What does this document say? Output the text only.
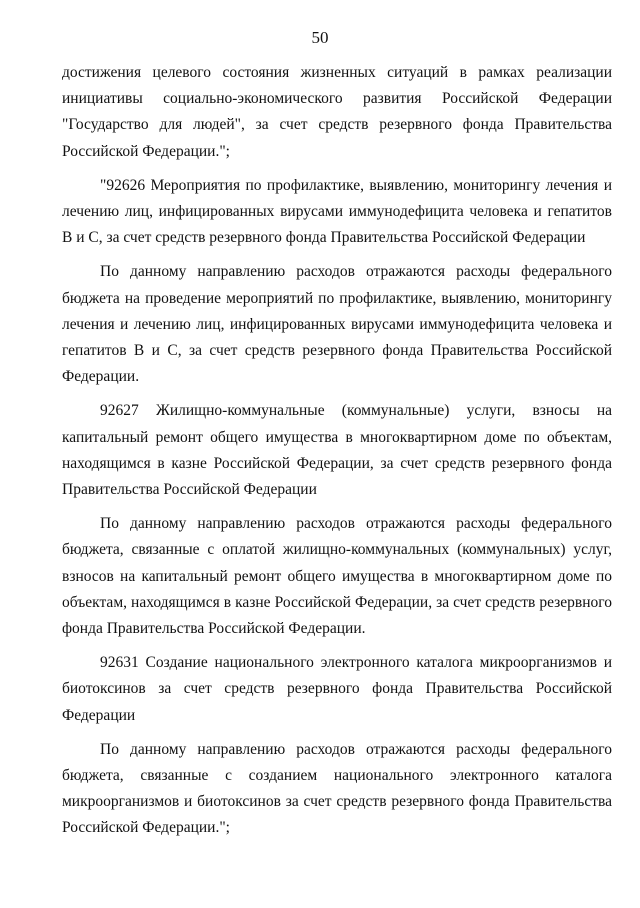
50

достижения целевого состояния жизненных ситуаций в рамках реализации инициативы социально-экономического развития Российской Федерации "Государство для людей", за счет средств резервного фонда Правительства Российской Федерации.";

"92626 Мероприятия по профилактике, выявлению, мониторингу лечения и лечению лиц, инфицированных вирусами иммунодефицита человека и гепатитов В и С, за счет средств резервного фонда Правительства Российской Федерации

По данному направлению расходов отражаются расходы федерального бюджета на проведение мероприятий по профилактике, выявлению, мониторингу лечения и лечению лиц, инфицированных вирусами иммунодефицита человека и гепатитов В и С, за счет средств резервного фонда Правительства Российской Федерации.

92627 Жилищно-коммунальные (коммунальные) услуги, взносы на капитальный ремонт общего имущества в многоквартирном доме по объектам, находящимся в казне Российской Федерации, за счет средств резервного фонда Правительства Российской Федерации

По данному направлению расходов отражаются расходы федерального бюджета, связанные с оплатой жилищно-коммунальных (коммунальных) услуг, взносов на капитальный ремонт общего имущества в многоквартирном доме по объектам, находящимся в казне Российской Федерации, за счет средств резервного фонда Правительства Российской Федерации.

92631 Создание национального электронного каталога микроорганизмов и биотоксинов за счет средств резервного фонда Правительства Российской Федерации

По данному направлению расходов отражаются расходы федерального бюджета, связанные с созданием национального электронного каталога микроорганизмов и биотоксинов за счет средств резервного фонда Правительства Российской Федерации.";
